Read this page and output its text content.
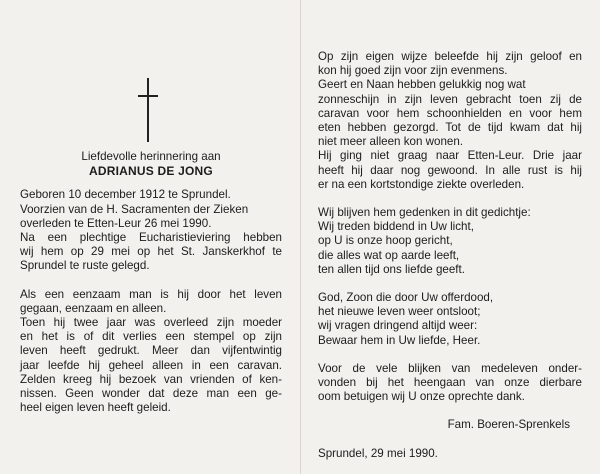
Liefdevolle herinnering aan
ADRIANUS DE JONG
Geboren 10 december 1912 te Sprundel.
Voorzien van de H. Sacramenten der Zieken
overleden te Etten-Leur 26 mei 1990.
Na een plechtige Eucharistieviering hebben
wij hem op 29 mei op het St. Janskerkhof te
Sprundel te ruste gelegd.
Als een eenzaam man is hij door het leven
gegaan, eenzaam en alleen.
Toen hij twee jaar was overleed zijn moeder
en het is of dit verlies een stempel op zijn
leven heeft gedrukt. Meer dan vijfentwintig
jaar leefde hij geheel alleen in een caravan.
Zelden kreeg hij bezoek van vrienden of ken-
nissen. Geen wonder dat deze man een ge-
heel eigen leven heeft geleid.
Op zijn eigen wijze beleefde hij zijn geloof en
kon hij goed zijn voor zijn evenmens.
Geert en Naan hebben gelukkig nog wat
zonneschijn in zijn leven gebracht toen zij de
caravan voor hem schoonhielden en voor hem
eten hebben gezorgd. Tot de tijd kwam dat hij
niet meer alleen kon wonen.
Hij ging niet graag naar Etten-Leur. Drie jaar
heeft hij daar nog gewoond. In alle rust is hij
er na een kortstondige ziekte overleden.
Wij blijven hem gedenken in dit gedichtje:
Wij treden biddend in Uw licht,
op U is onze hoop gericht,
die alles wat op aarde leeft,
ten allen tijd ons liefde geeft.
God, Zoon die door Uw offerdood,
het nieuwe leven weer ontsloot;
wij vragen dringend altijd weer:
Bewaar hem in Uw liefde, Heer.
Voor de vele blijken van medeleven onder-
vonden bij het heengaan van onze dierbare
oom betuigen wij U onze oprechte dank.
Fam. Boeren-Sprenkels
Sprundel, 29 mei 1990.
